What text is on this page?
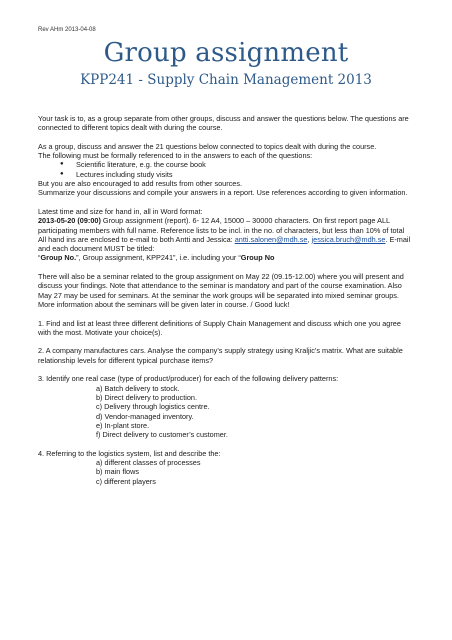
Rev AHm 2013-04-08
Group assignment
KPP241 - Supply Chain Management 2013

Your task is to, as a group separate from other groups, discuss and answer the questions below. The questions are connected to different topics dealt with during the course.

As a group, discuss and answer the 21 questions below connected to topics dealt with during the course.

The following must be formally referenced to in the answers to each of the questions:

● Scientific literature, e.g. the course book

● Lectures including study visits

But you are also encouraged to add results from other sources.

Summarize your discussions and compile your answers in a report. Use references according to given information.

Latest time and size for hand in, all in Word format:

2013-05-20 (09:00) Group assignment (report). 6- 12 A4, 15000 – 30000 characters. On first report page ALL participating members with full name. Reference lists to be incl. in the no. of characters, but less than 10% of total

All hand ins are enclosed to e-mail to both Antti and Jessica: antti.salonen@mdh.se, jessica.bruch@mdh.se. E-mail and each document MUST be titled:

“Group No.”, Group assignment, KPP241”, i.e. including your “Group No

There will also be a seminar related to the group assignment on May 22 (09.15-12.00) where you will present and discuss your findings. Note that attendance to the seminar is mandatory and part of the course examination. Also May 27 may be used for seminars. At the seminar the work groups will be separated into mixed seminar groups. More information about the seminars will be given later in course. / Good luck!

1. Find and list at least three different definitions of Supply Chain Management and discuss which one you agree with the most. Motivate your choice(s).

2. A company manufactures cars. Analyse the company’s supply strategy using Kraljic’s matrix. What are suitable relationship levels for different typical purchase items?

3. Identify one real case (type of product/producer) for each of the following delivery patterns:

a) Batch delivery to stock.

b) Direct delivery to production.

c) Delivery through logistics centre.

d) Vendor-managed inventory.

e) In-plant store.

f) Direct delivery to customer’s customer.

4. Referring to the logistics system, list and describe the:

a) different classes of processes

b) main flows

c) different players
